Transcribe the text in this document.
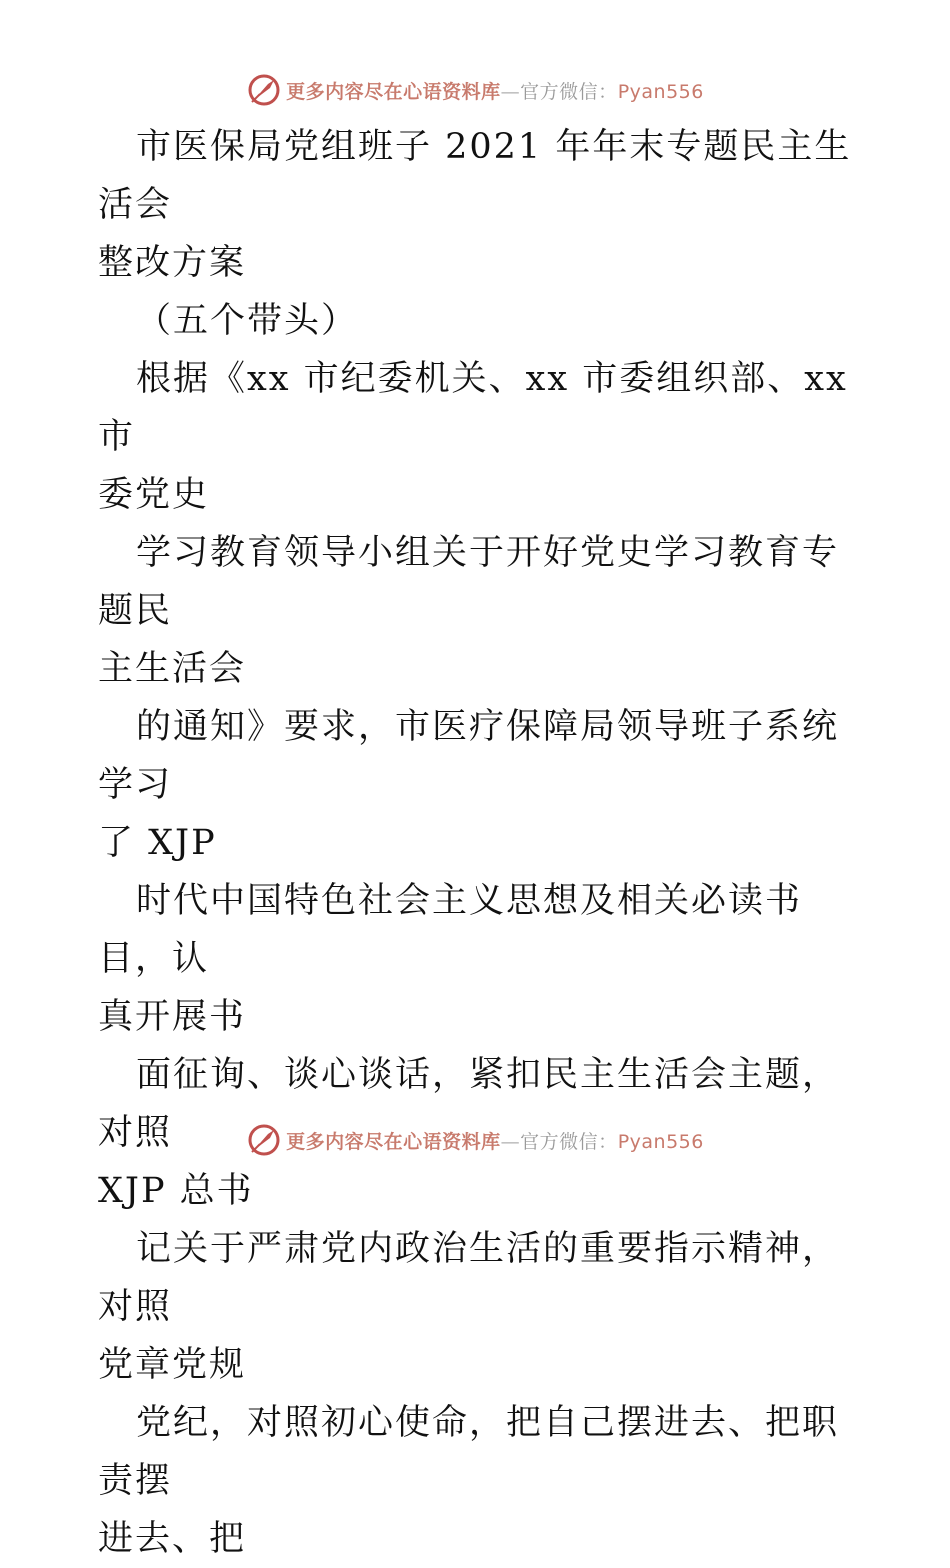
更多内容尽在心语资料库—官方微信：Pyan556

市医保局党组班子 2021 年年末专题民主生活会
整改方案

（五个带头）

根据《xx 市纪委机关、xx 市委组织部、xx 市
委党史

学习教育领导小组关于开好党史学习教育专题民
主生活会

的通知》要求，市医疗保障局领导班子系统学习
了 XJP

时代中国特色社会主义思想及相关必读书目，认
真开展书

面征询、谈心谈话，紧扣民主生活会主题，对照
XJP 总书

记关于严肃党内政治生活的重要指示精神，对照
党章党规

党纪，对照初心使命，把自己摆进去、把职责摆
进去、把

更多内容尽在心语资料库—官方微信：Pyan556
